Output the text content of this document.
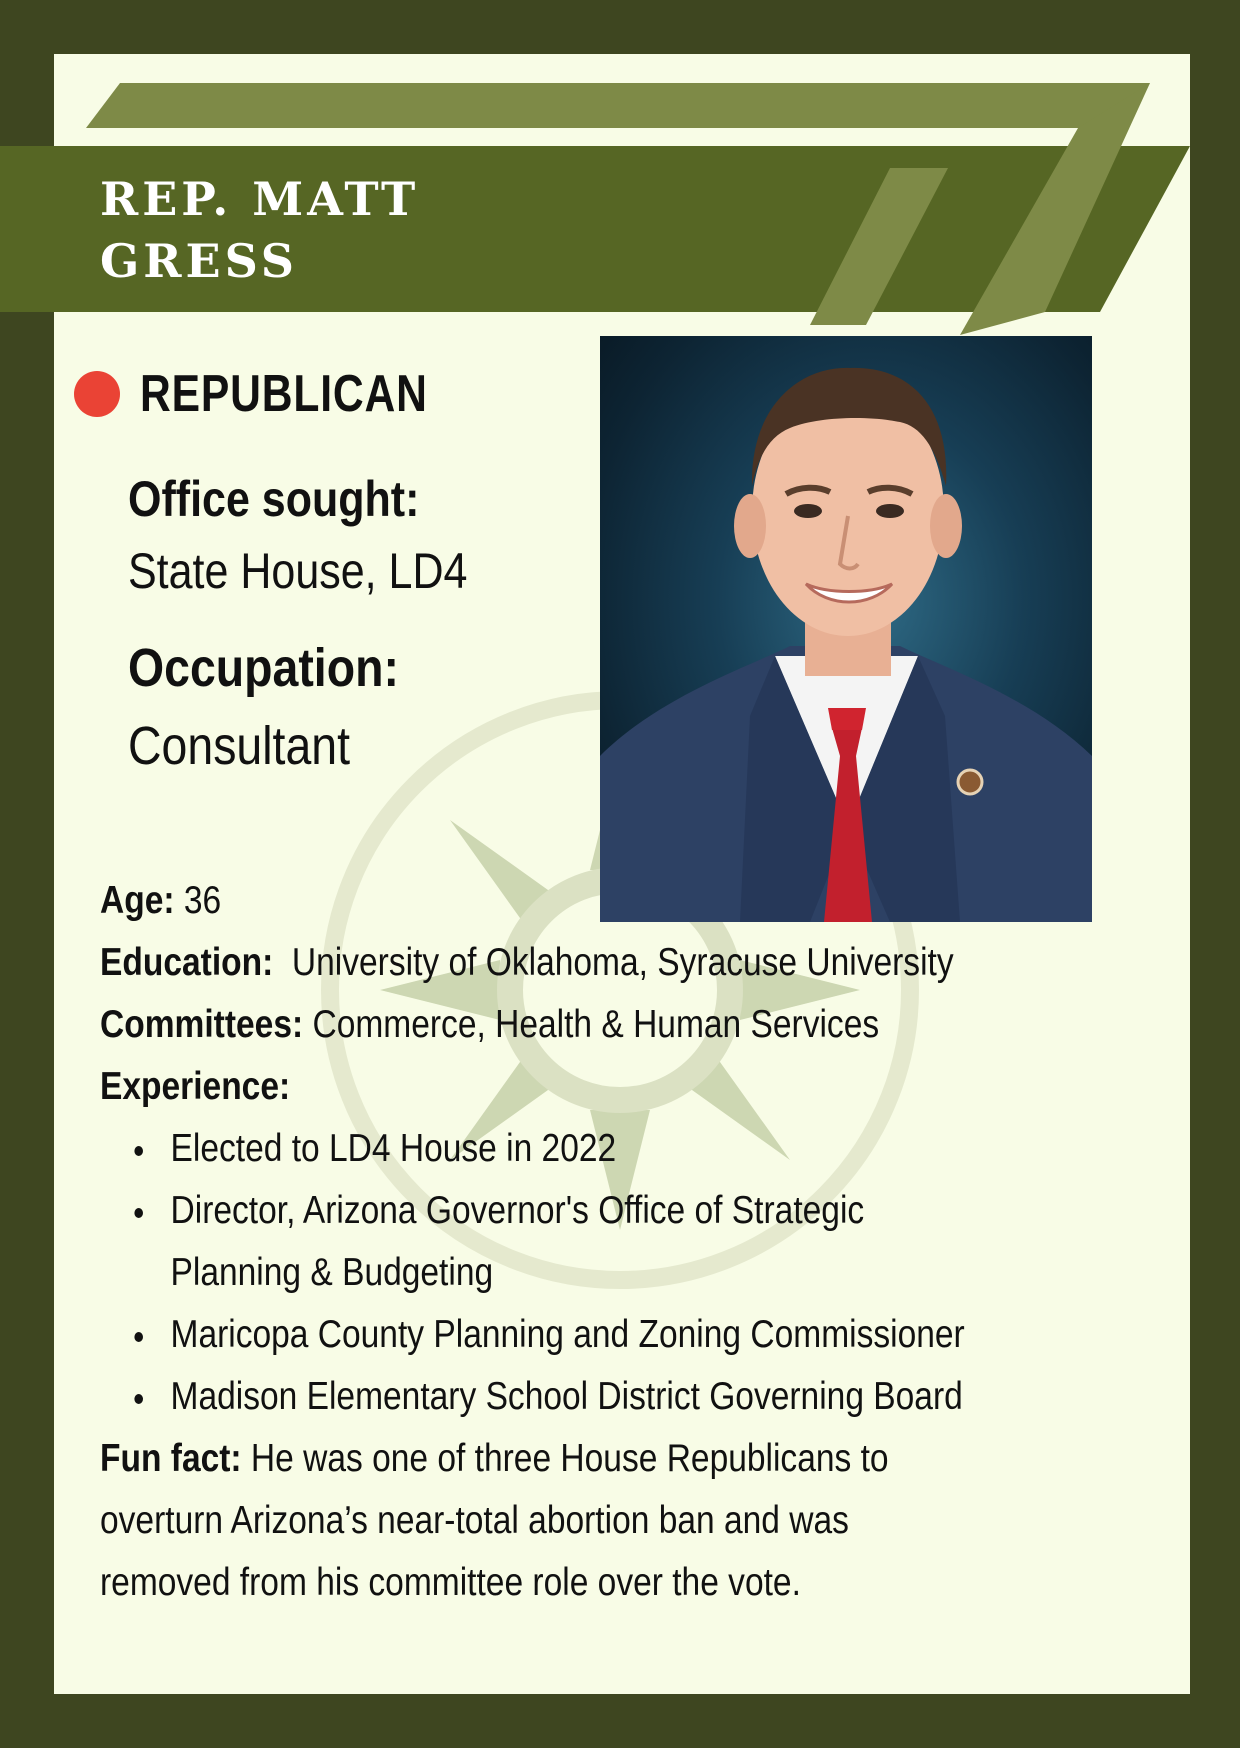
REP. MATT GRESS
REPUBLICAN
Office sought:
State House, LD4
Occupation:
Consultant
Age: 36
Education: University of Oklahoma, Syracuse University
Committees: Commerce, Health & Human Services
Experience:
Elected to LD4 House in 2022
Director, Arizona Governor's Office of Strategic Planning & Budgeting
Maricopa County Planning and Zoning Commissioner
Madison Elementary School District Governing Board
Fun fact: He was one of three House Republicans to overturn Arizona’s near-total abortion ban and was removed from his committee role over the vote.
